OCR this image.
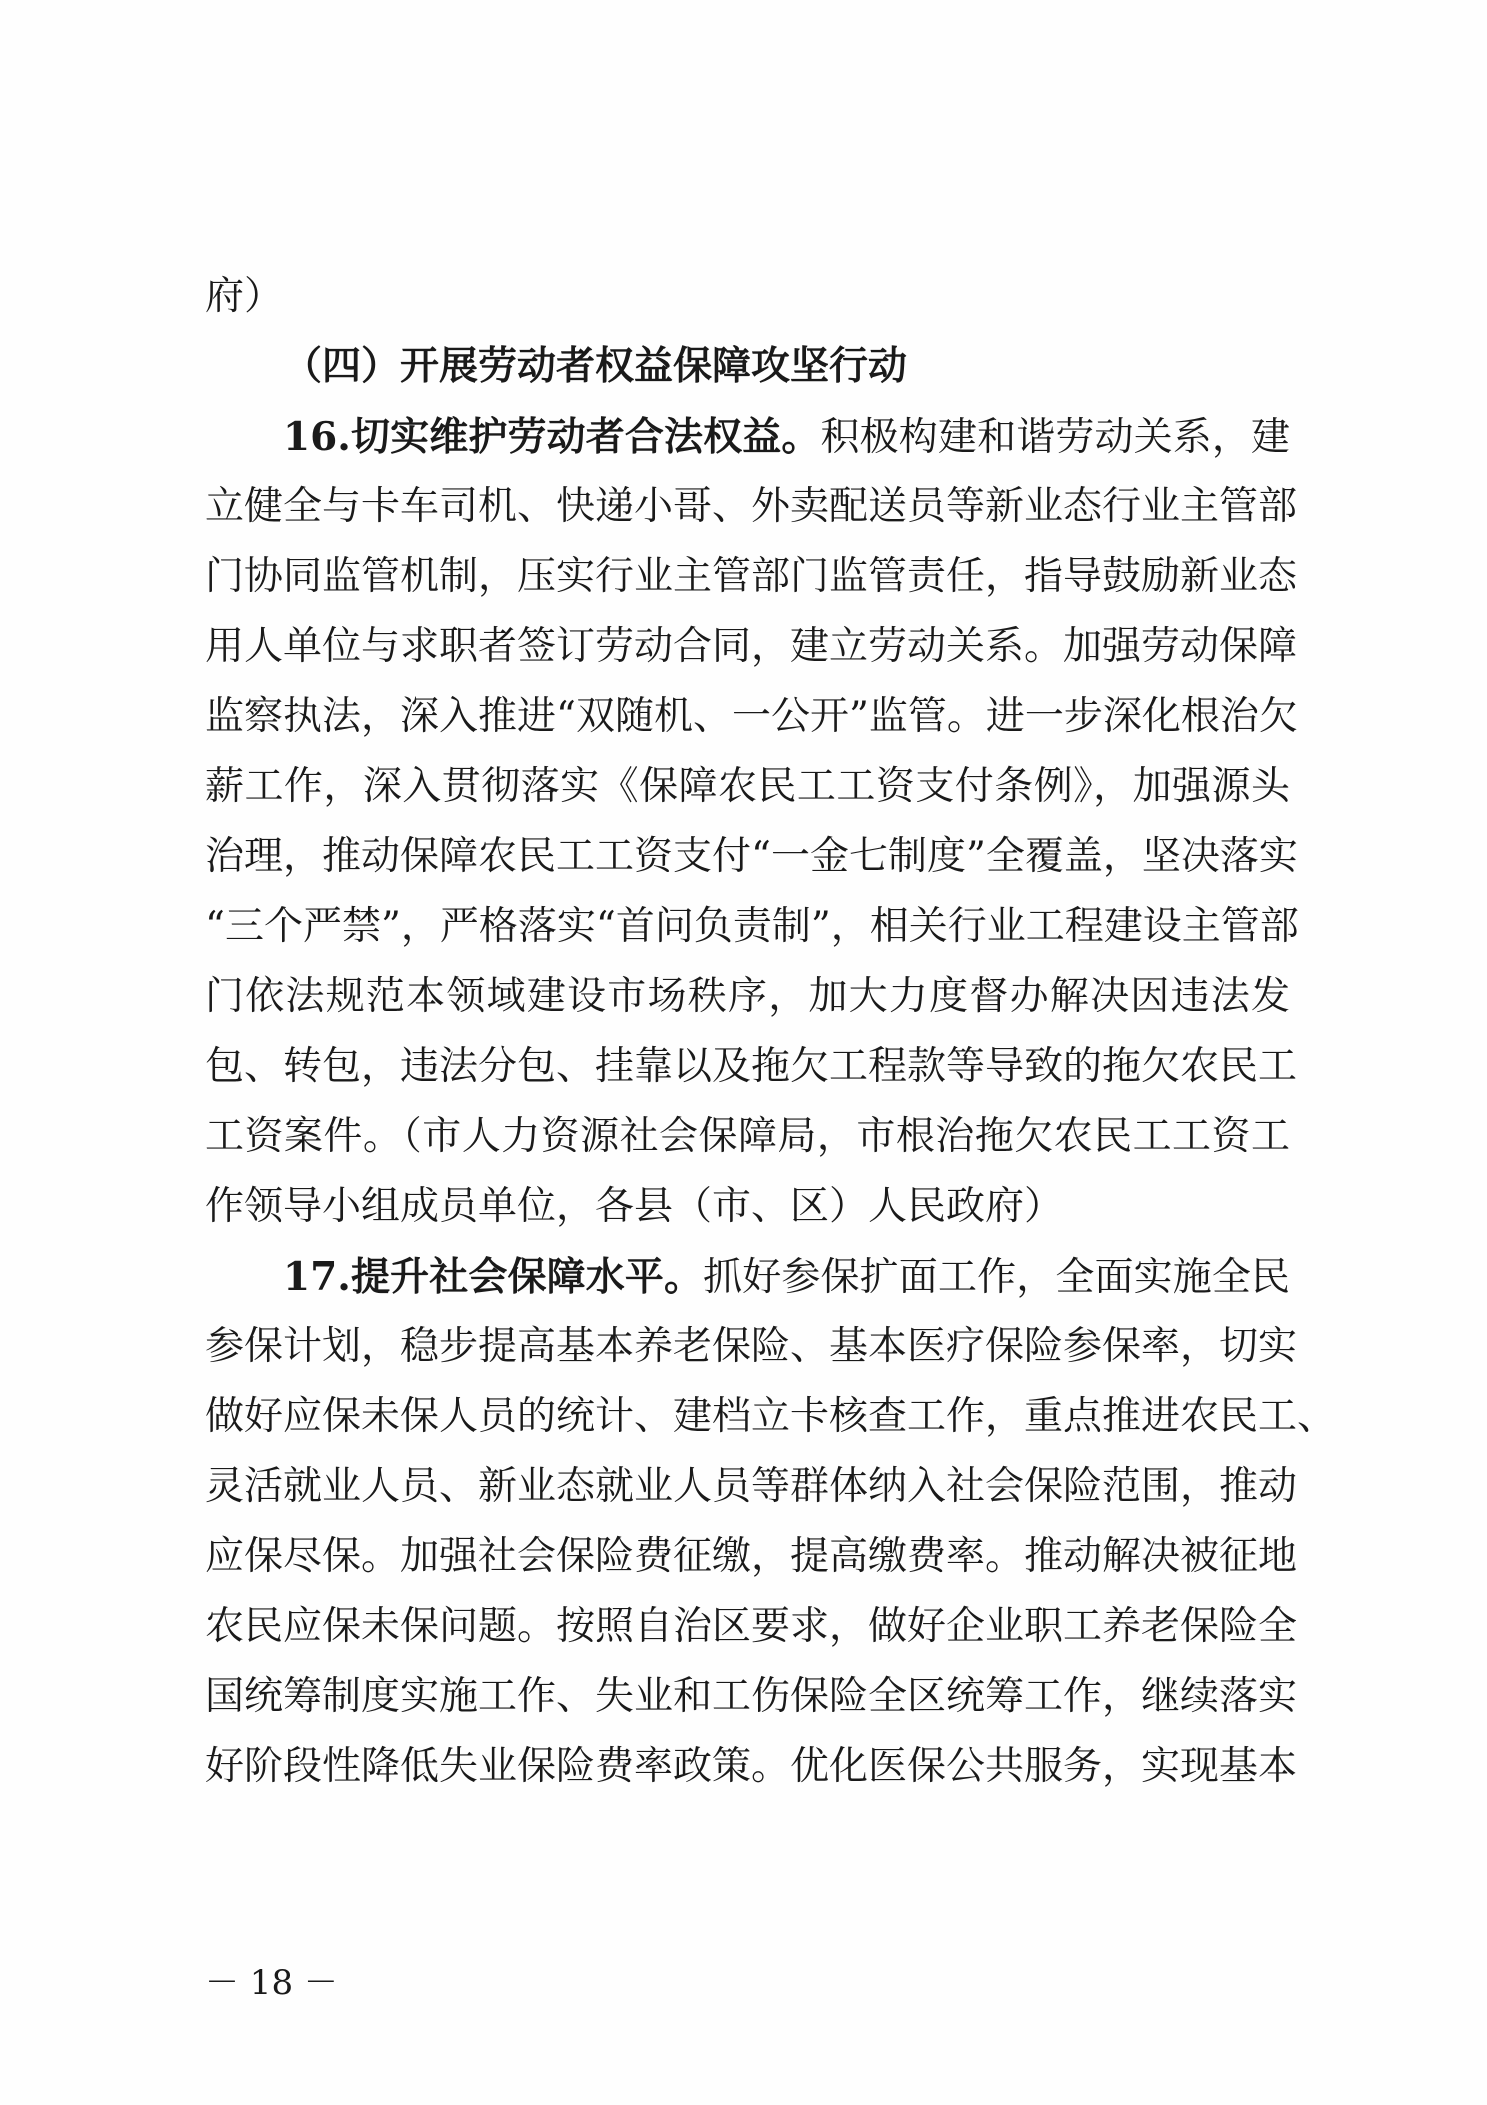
府）
（四）开展劳动者权益保障攻坚行动
16.切实维护劳动者合法权益。积极构建和谐劳动关系，建
立健全与卡车司机、快递小哥、外卖配送员等新业态行业主管部
门协同监管机制，压实行业主管部门监管责任，指导鼓励新业态
用人单位与求职者签订劳动合同，建立劳动关系。加强劳动保障
监察执法，深入推进“双随机、一公开”监管。进一步深化根治欠
薪工作，深入贯彻落实《保障农民工工资支付条例》，加强源头
治理，推动保障农民工工资支付“一金七制度”全覆盖，坚决落实
“三个严禁”，严格落实“首问负责制”，相关行业工程建设主管部
门依法规范本领域建设市场秩序，加大力度督办解决因违法发
包、转包，违法分包、挂靠以及拖欠工程款等导致的拖欠农民工
工资案件。（市人力资源社会保障局，市根治拖欠农民工工资工
作领导小组成员单位，各县（市、区）人民政府）
17.提升社会保障水平。抓好参保扩面工作，全面实施全民
参保计划，稳步提高基本养老保险、基本医疗保险参保率，切实
做好应保未保人员的统计、建档立卡核查工作，重点推进农民工、
灵活就业人员、新业态就业人员等群体纳入社会保险范围，推动
应保尽保。加强社会保险费征缴，提高缴费率。推动解决被征地
农民应保未保问题。按照自治区要求，做好企业职工养老保险全
国统筹制度实施工作、失业和工伤保险全区统筹工作，继续落实
好阶段性降低失业保险费率政策。优化医保公共服务，实现基本
－ 18 －
